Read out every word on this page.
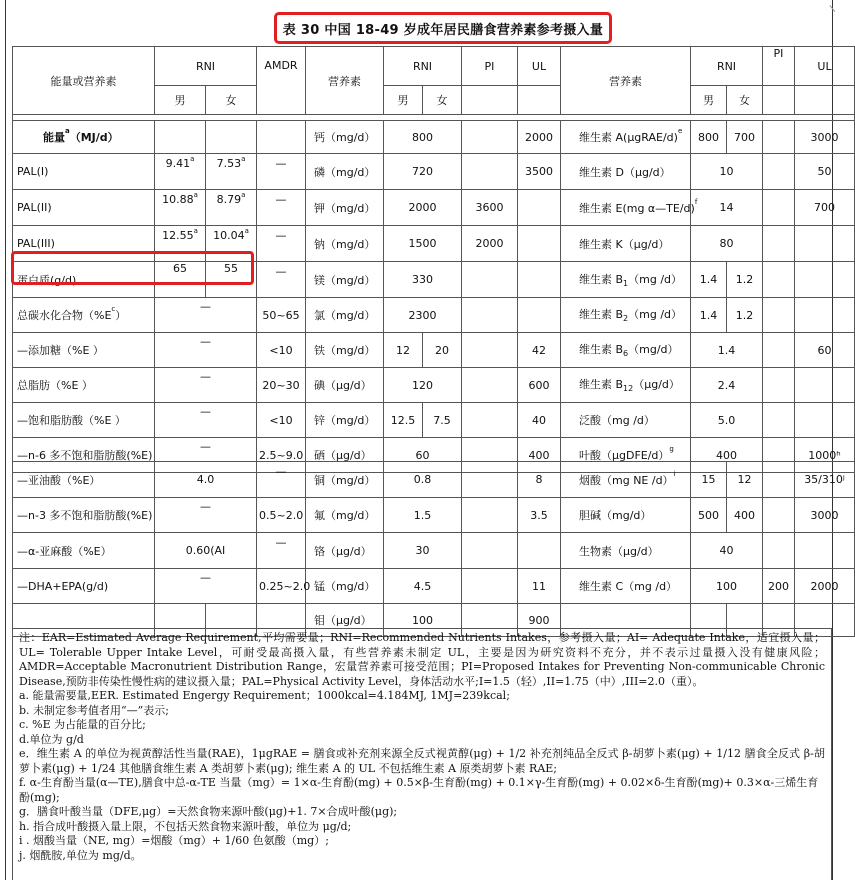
表 30 中国 18-49 岁成年居民膳食营养素参考摄入量
能量或营养素	RNI		AMDR	营养素	RNI		PI	UL	营养素	RNI		PI	UL
	男	女			男	女				男	女		

能量$^a$（MJ/d）				钙（mg/d）	800			2000	维生素 A(μgRAE/d)$^e$	800	700		3000
PAL(I)	9.41$^a$	7.53$^a$	—	磷（mg/d）	720			3500	维生素 D（μg/d）	10			50
PAL(II)	10.88$^a$	8.79$^a$	—	钾（mg/d）	2000		3600		维生素 E(mg α—TE/d)$^f$	14			700
PAL(III)	12.55$^a$	10.04$^a$	—	钠（mg/d）	1500		2000		维生素 K（μg/d）	80			
蛋白质(g/d)	65	55	—	镁（mg/d）	330				维生素 $B_1(mg$ /d）	1.4	1.2		
总碳水化合物$(\%E^c)$	—		50~65	氯（mg/d）	2300				维生素 $B_2(mg$ /d）	1.4	1.2		
—添加糖（%E ）	—		<10	铁（mg/d）	12	20		42	维生素 $B_6(mg/d)$	1.4			60
总脂肪（%E ）	—		20~30	碘（μg/d）	120			600	维生素 $B_{12}(\mu g/d)$	2.4			
—饱和脂肪酸（%E ）	—		<10	锌（mg/d）	12.5	7.5		40	泛酸（mg /d）	5.0			
—n-6 多不饱和脂肪酸(%E)	—		2.5~9.0	硒（μg/d）	60			400	叶酸（μgDFE/d）$^g$	400			1000ʰ
—亚油酸（%E）	4.0		—	铜（mg/d）	0.8		8	烟酸（mg NE /d）$^i$	15	12		35/310ʲ
—n-3 多不饱和脂肪酸(%E)	—		0.5~2.0	氟（mg/d）	1.5		3.5	胆碱（mg/d）	500	400		3000
—α-亚麻酸（%E）	0.60(AI		—	铬（μg/d）	30			生物素（μg/d）	40			
—DHA+EPA(g/d)	—		0.25~2.0	锰（mg/d）	4.5		11	维生素 C（mg /d）	100		200	2000
				钼（μg/d）	100		900					
注：EAR=Estimated Average Requirement,平均需要量；RNI=Recommended Nutrients Intakes，参考摄入量；AI= Adequate Intake，适宜摄入量；UL= Tolerable Upper Intake Level，可耐受最高摄入量，有些营养素未制定 UL，主要是因为研究资料不充分，并不表示过量摄入没有健康风险；AMDR=Acceptable Macronutrient Distribution Range，宏量营养素可接受范围；PI=Proposed Intakes for Preventing Non-communicable Chronic Disease,预防非传染性慢性病的建议摄入量；PAL=Physical Activity Level，身体活动水平;I=1.5（轻）,II=1.75（中）,III=2.0（重）。
a. 能量需要量,EER. Estimated Engergy Requirement；1000kcal=4.184MJ, 1MJ=239kcal;
b. 未制定参考值者用“—”表示;
c. %E 为占能量的百分比;
d.单位为 g/d
e．维生素 A 的单位为视黄醇活性当量(RAE)，1μgRAE = 膳食或补充剂来源全反式视黄醇(μg) + 1/2 补充剂纯品全反式 β-胡萝卜素(μg) + 1/12 膳食全反式 β-胡萝卜素(μg) + 1/24 其他膳食维生素 A 类胡萝卜素(μg); 维生素 A 的 UL 不包括维生素 A 原类胡萝卜素 RAE;
f. α-生育酚当量(α—TE),膳食中总-α-TE 当量（mg）= 1×α-生育酚(mg) + 0.5×β-生育酚(mg) + 0.1×γ-生育酚(mg) + 0.02×δ-生育酚(mg)+ 0.3×α-三烯生育酚(mg);
g．膳食叶酸当量（DFE,μg）=天然食物来源叶酸(μg)+1. 7×合成叶酸(μg);
h. 指合成叶酸摄入量上限，不包括天然食物来源叶酸，单位为 μg/d;
i . 烟酸当量（NE, mg）=烟酸（mg）+ 1/60 色氨酸（mg）;
j. 烟酰胺,单位为 mg/d。
